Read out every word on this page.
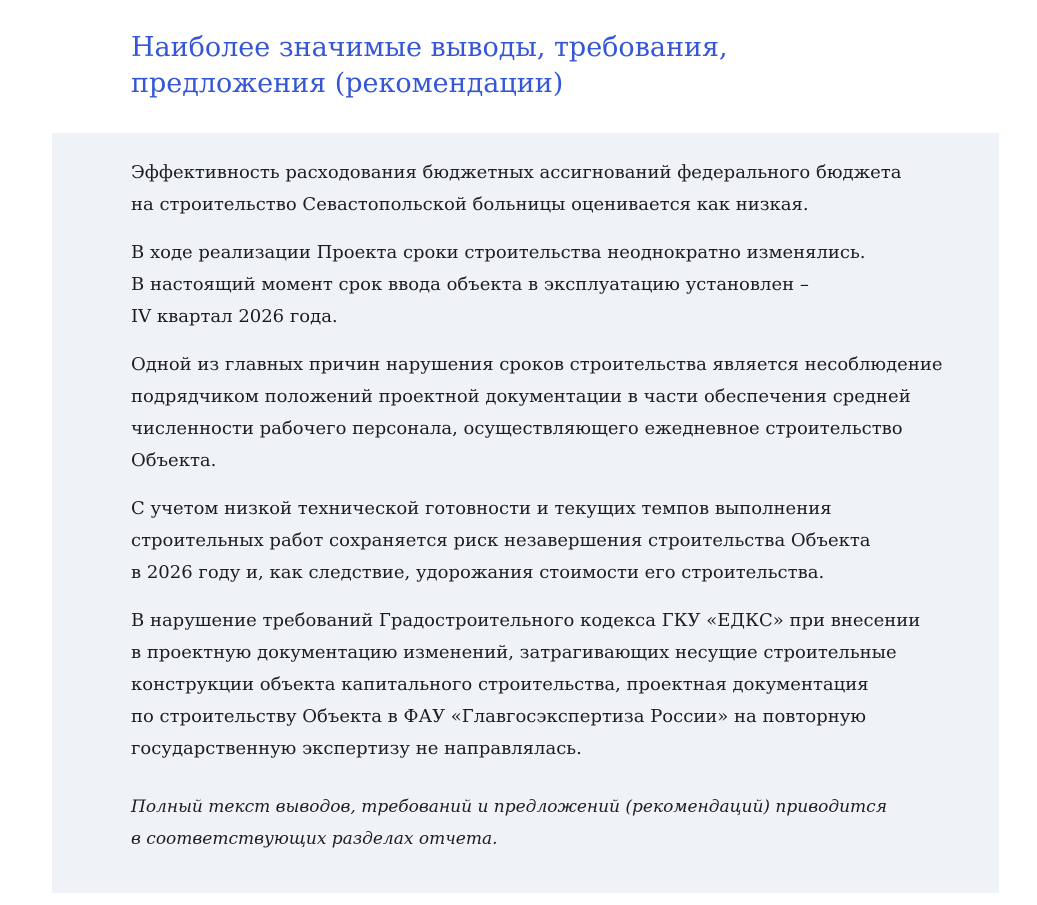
Наиболее значимые выводы, требования,
предложения (рекомендации)

Эффективность расходования бюджетных ассигнований федерального бюджета
на строительство Севастопольской больницы оценивается как низкая.

В ходе реализации Проекта сроки строительства неоднократно изменялись.
В настоящий момент срок ввода объекта в эксплуатацию установлен –
IV квартал 2026 года.

Одной из главных причин нарушения сроков строительства является несоблюдение
подрядчиком положений проектной документации в части обеспечения средней
численности рабочего персонала, осуществляющего ежедневное строительство
Объекта.

С учетом низкой технической готовности и текущих темпов выполнения
строительных работ сохраняется риск незавершения строительства Объекта
в 2026 году и, как следствие, удорожания стоимости его строительства.

В нарушение требований Градостроительного кодекса ГКУ «ЕДКС» при внесении
в проектную документацию изменений, затрагивающих несущие строительные
конструкции объекта капитального строительства, проектная документация
по строительству Объекта в ФАУ «Главгосэкспертиза России» на повторную
государственную экспертизу не направлялась.

Полный текст выводов, требований и предложений (рекомендаций) приводится
в соответствующих разделах отчета.
